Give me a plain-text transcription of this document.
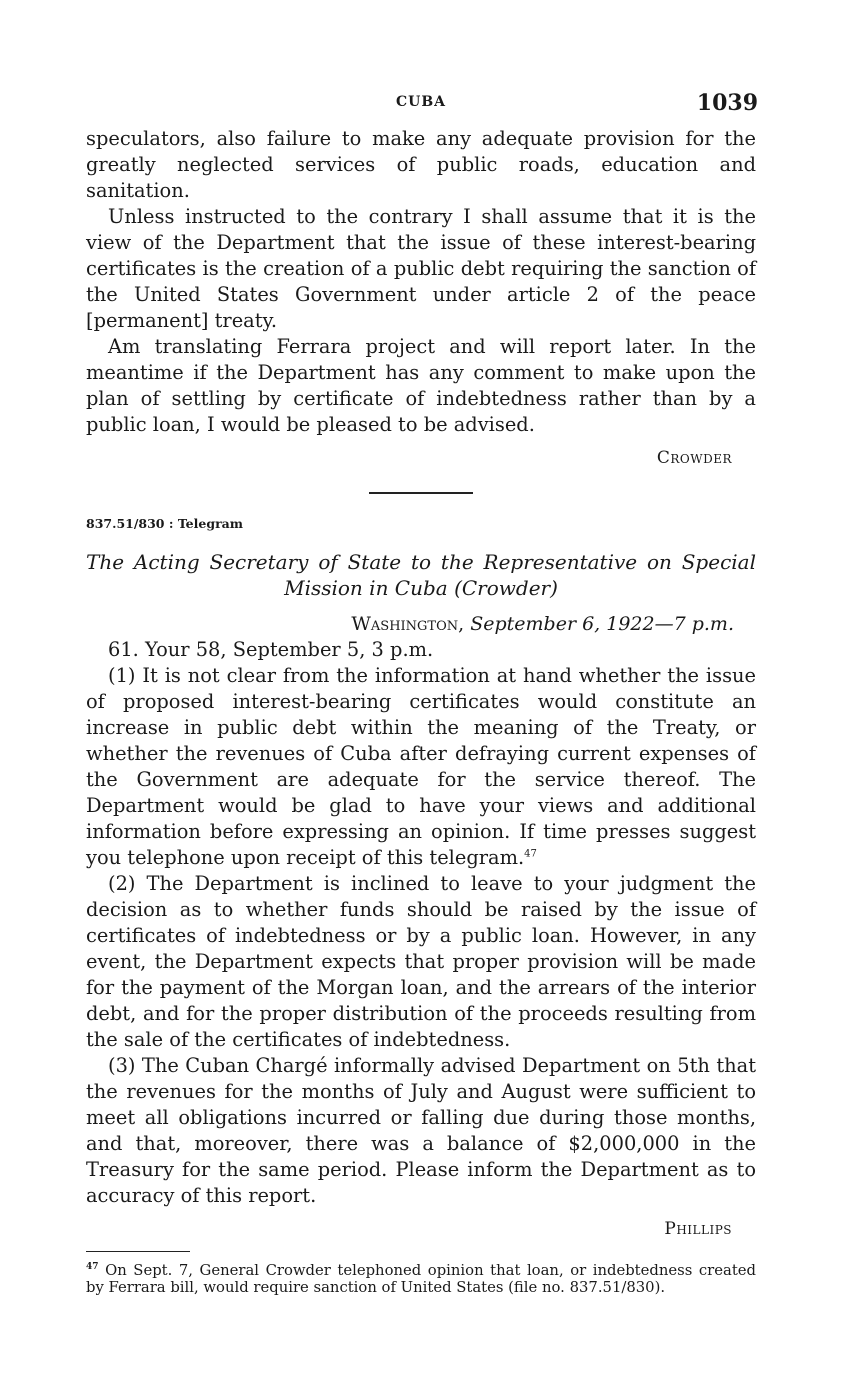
CUBA	1039

speculators, also failure to make any adequate provision for the greatly neglected services of public roads, education and sanitation.

Unless instructed to the contrary I shall assume that it is the view of the Department that the issue of these interest-bearing certificates is the creation of a public debt requiring the sanction of the United States Government under article 2 of the peace [permanent] treaty.

Am translating Ferrara project and will report later. In the meantime if the Department has any comment to make upon the plan of settling by certificate of indebtedness rather than by a public loan, I would be pleased to be advised.

Crowder
837.51/830 : Telegram
The Acting Secretary of State to the Representative on Special Mission in Cuba (Crowder)
Washington, September 6, 1922—7 p.m.

61. Your 58, September 5, 3 p.m.

(1) It is not clear from the information at hand whether the issue of proposed interest-bearing certificates would constitute an increase in public debt within the meaning of the Treaty, or whether the revenues of Cuba after defraying current expenses of the Government are adequate for the service thereof. The Department would be glad to have your views and additional information before expressing an opinion. If time presses suggest you telephone upon receipt of this telegram.$^{47}$

(2) The Department is inclined to leave to your judgment the decision as to whether funds should be raised by the issue of certificates of indebtedness or by a public loan. However, in any event, the Department expects that proper provision will be made for the payment of the Morgan loan, and the arrears of the interior debt, and for the proper distribution of the proceeds resulting from the sale of the certificates of indebtedness.

(3) The Cuban Chargé informally advised Department on 5th that the revenues for the months of July and August were sufficient to meet all obligations incurred or falling due during those months, and that, moreover, there was a balance of $2,000,000 in the Treasury for the same period. Please inform the Department as to accuracy of this report.

Phillips
$^{47}$ On Sept. 7, General Crowder telephoned opinion that loan, or indebtedness created by Ferrara bill, would require sanction of United States (file no. 837.51/830).
